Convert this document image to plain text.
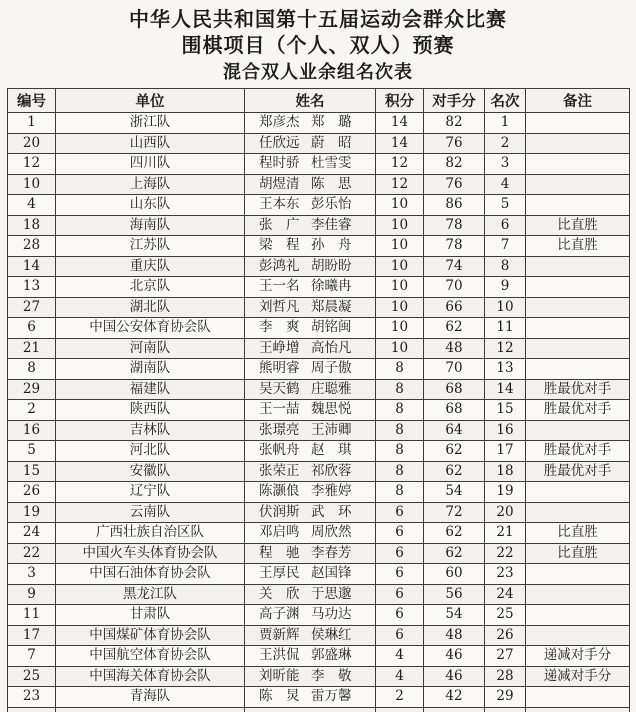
中华人民共和国第十五届运动会群众比赛
围棋项目（个人、双人）预赛
混合双人业余组名次表
编号	单位	姓名	积分	对手分	名次	备注
1	浙江队	郑彦杰 郑璐	14	82	1	
20	山西队	任欣远 蔚昭	14	76	2	
12	四川队	程时骄 杜雪雯	12	82	3	
10	上海队	胡煜清 陈思	12	76	4	
4	山东队	王本东 彭乐怡	10	86	5	
18	海南队	张广 李佳睿	10	78	6	比直胜
28	江苏队	梁程 孙舟	10	78	7	比直胜
14	重庆队	彭鸿礼 胡盼盼	10	74	8	
13	北京队	王一名 徐曦冉	10	70	9	
27	湖北队	刘哲凡 郑晨凝	10	66	10	
6	中国公安体育协会队	李爽 胡铭闽	10	62	11	
21	河南队	王峥增 高怡凡	10	48	12	
8	湖南队	熊明睿 周子傲	8	70	13	
29	福建队	吴天鹤 庄聪雅	8	68	14	胜最优对手
2	陕西队	王一喆 魏思悦	8	68	15	胜最优对手
16	吉林队	张璟亮 王沛卿	8	64	16	
5	河北队	张帆舟 赵琪	8	62	17	胜最优对手
15	安徽队	张荣正 祁欣蓉	8	62	18	胜最优对手
26	辽宁队	陈灏俍 李雅婷	8	54	19	
19	云南队	伏润斯 武环	6	72	20	
24	广西壮族自治区队	邓启鸣 周欣然	6	62	21	比直胜
22	中国火车头体育协会队	程驰 李春芳	6	62	22	比直胜
3	中国石油体育协会队	王厚民 赵国锋	6	60	23	
9	黑龙江队	关欣 于思邈	6	56	24	
11	甘肃队	高子渊 马功达	6	54	25	
17	中国煤矿体育协会队	贾新辉 侯琳红	6	48	26	
7	中国航空体育协会队	王洪侃 郭盛琳	4	46	27	递减对手分
25	中国海关体育协会队	刘昕能 李敬	4	46	28	递减对手分
23	青海队	陈炅 雷万馨	2	42	29	
